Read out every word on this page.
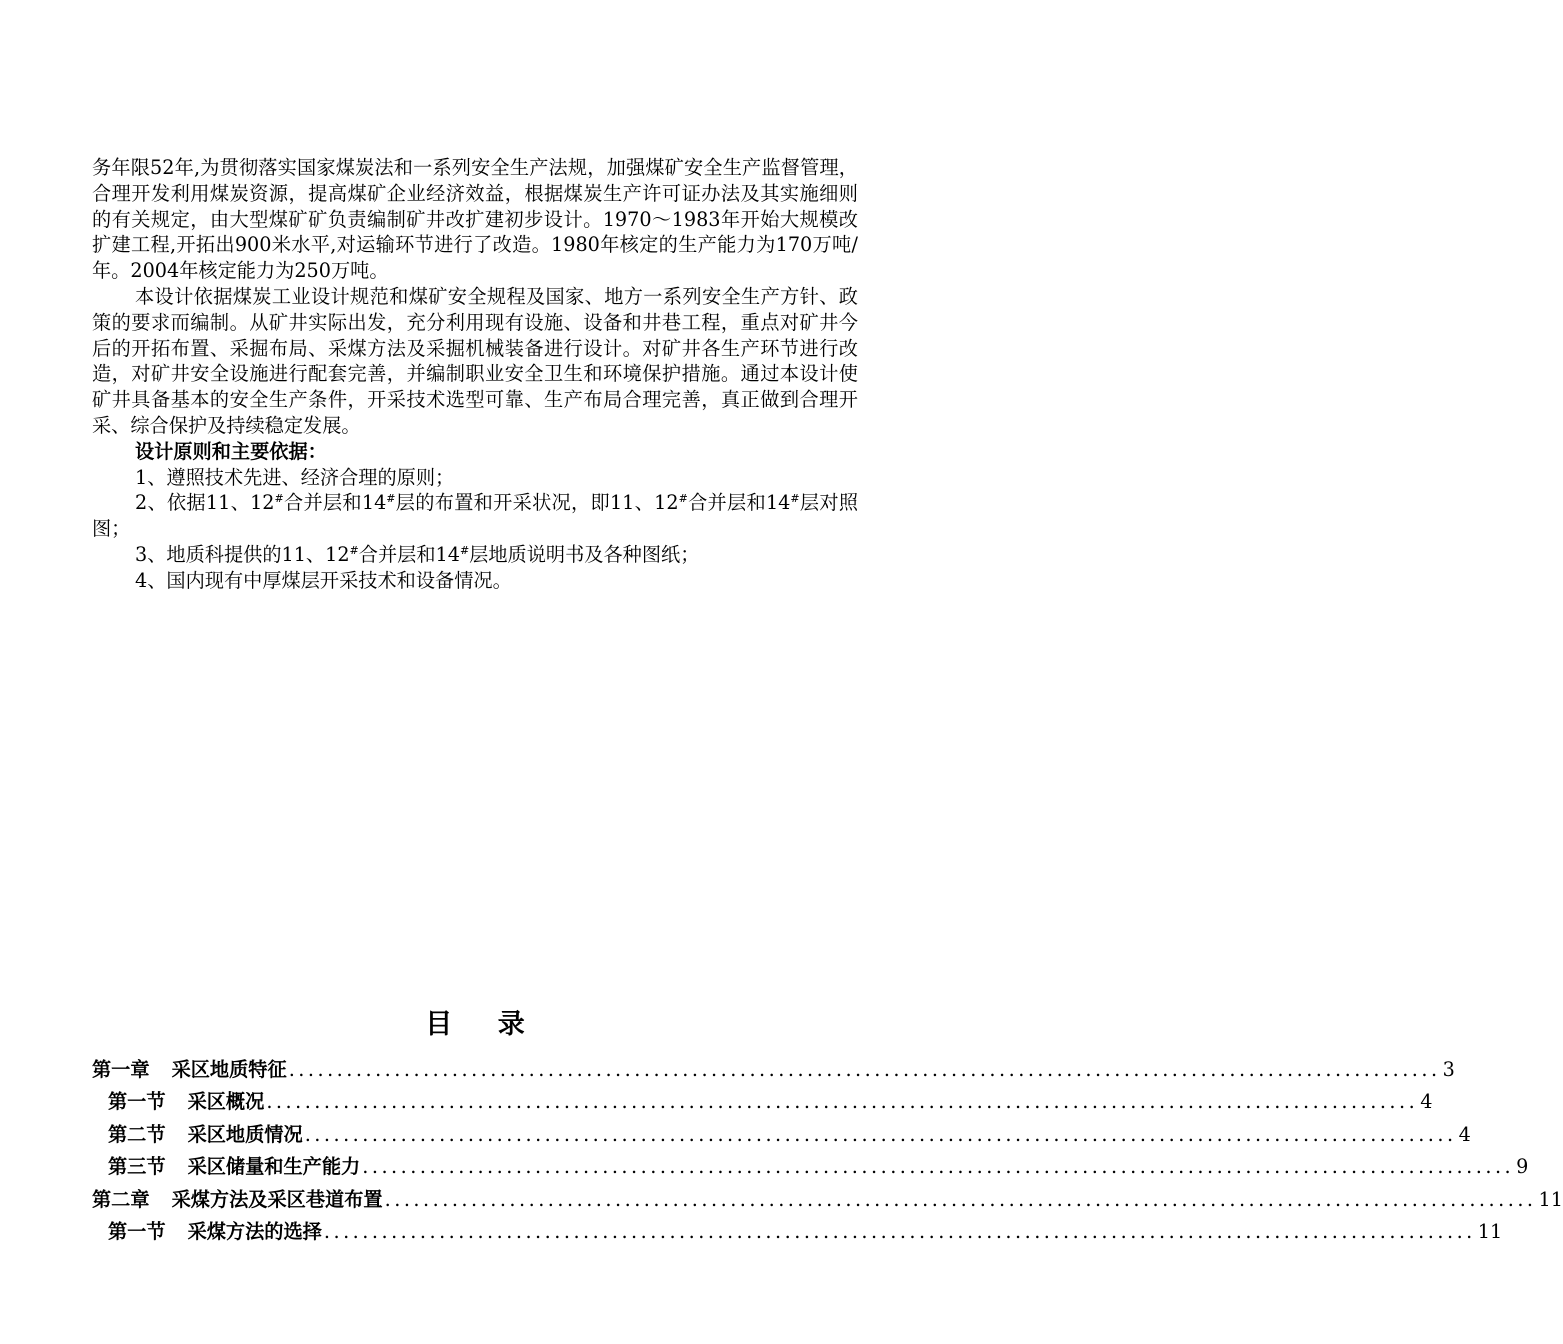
务年限52年,为贯彻落实国家煤炭法和一系列安全生产法规，加强煤矿安全生产监督管理，合理开发利用煤炭资源，提高煤矿企业经济效益，根据煤炭生产许可证办法及其实施细则的有关规定，由大型煤矿矿负责编制矿井改扩建初步设计。1970～1983年开始大规模改扩建工程,开拓出900米水平,对运输环节进行了改造。1980年核定的生产能力为170万吨/年。2004年核定能力为250万吨。

本设计依据煤炭工业设计规范和煤矿安全规程及国家、地方一系列安全生产方针、政策的要求而编制。从矿井实际出发，充分利用现有设施、设备和井巷工程，重点对矿井今后的开拓布置、采掘布局、采煤方法及采掘机械装备进行设计。对矿井各生产环节进行改造，对矿井安全设施进行配套完善，并编制职业安全卫生和环境保护措施。通过本设计使矿井具备基本的安全生产条件，开采技术选型可靠、生产布局合理完善，真正做到合理开采、综合保护及持续稳定发展。

设计原则和主要依据：

1、遵照技术先进、经济合理的原则；

2、依据11、12#合并层和14#层的布置和开采状况，即11、12#合并层和14#层对照图；

3、地质科提供的11、12#合并层和14#层地质说明书及各种图纸；

4、国内现有中厚煤层开采技术和设备情况。

目 录
第一章 采区地质特征 ........................................................................................................................ 3
第一节 采区概况 ........................................................................................................................ 4
第二节 采区地质情况 ........................................................................................................................ 4
第三节 采区储量和生产能力 ........................................................................................................................ 9
第二章 采煤方法及采区巷道布置 ........................................................................................................................ 11
第一节 采煤方法的选择 ........................................................................................................................ 11
